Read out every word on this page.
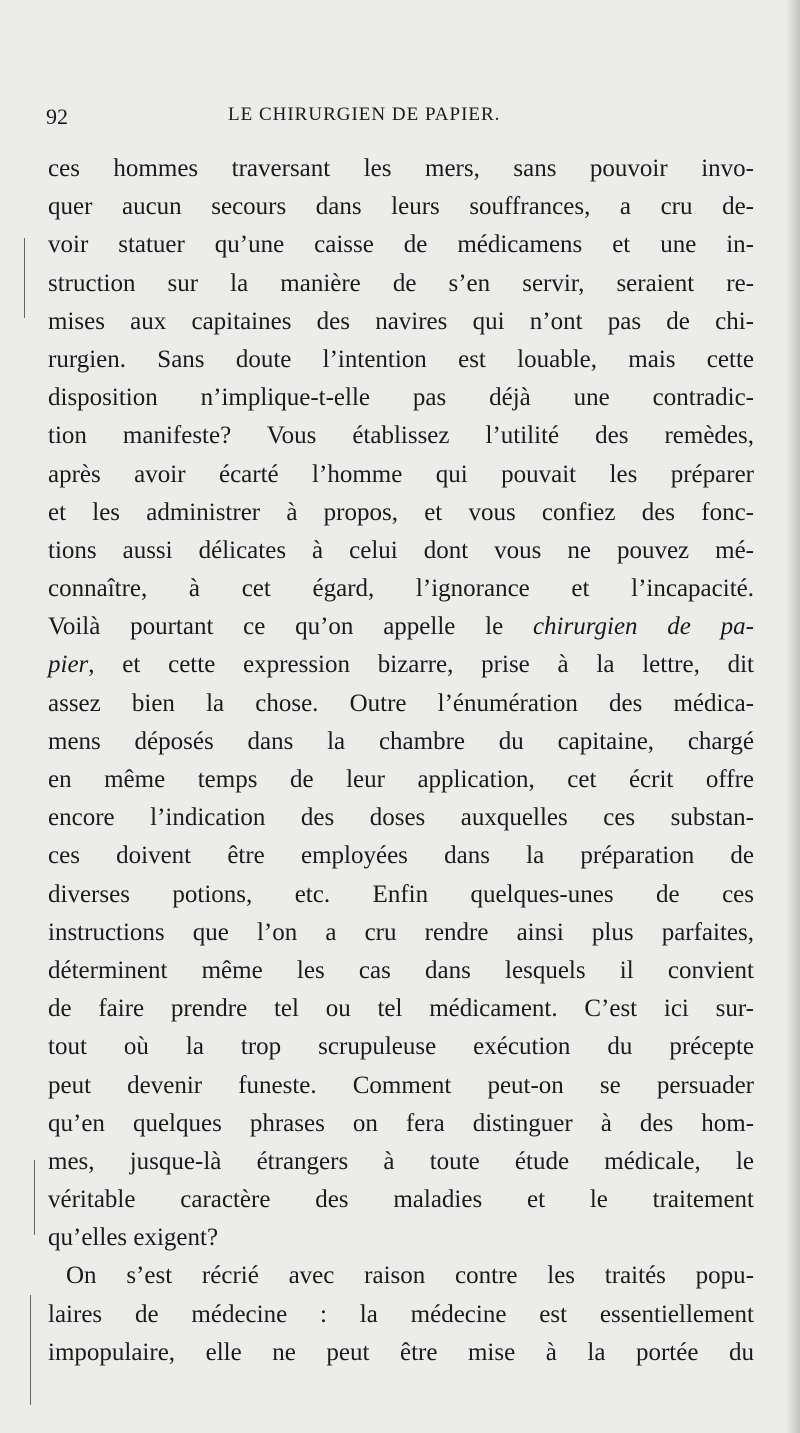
92	LE CHIRURGIEN DE PAPIER.
ces hommes traversant les mers, sans pouvoir invo-
quer aucun secours dans leurs souffrances, a cru de-
voir statuer qu’une caisse de médicamens et une in-
struction sur la manière de s’en servir, seraient re-
mises aux capitaines des navires qui n’ont pas de chi-
rurgien. Sans doute l’intention est louable, mais cette
disposition n’implique-t-elle pas déjà une contradic-
tion manifeste? Vous établissez l’utilité des remèdes,
après avoir écarté l’homme qui pouvait les préparer
et les administrer à propos, et vous confiez des fonc-
tions aussi délicates à celui dont vous ne pouvez mé-
connaître, à cet égard, l’ignorance et l’incapacité.
Voilà pourtant ce qu’on appelle le chirurgien de pa-
pier, et cette expression bizarre, prise à la lettre, dit
assez bien la chose. Outre l’énumération des médica-
mens déposés dans la chambre du capitaine, chargé
en même temps de leur application, cet écrit offre
encore l’indication des doses auxquelles ces substan-
ces doivent être employées dans la préparation de
diverses potions, etc. Enfin quelques-unes de ces
instructions que l’on a cru rendre ainsi plus parfaites,
déterminent même les cas dans lesquels il convient
de faire prendre tel ou tel médicament. C’est ici sur-
tout où la trop scrupuleuse exécution du précepte
peut devenir funeste. Comment peut-on se persuader
qu’en quelques phrases on fera distinguer à des hom-
mes, jusque-là étrangers à toute étude médicale, le
véritable caractère des maladies et le traitement
qu’elles exigent?
On s’est récrié avec raison contre les traités popu-
laires de médecine : la médecine est essentiellement
impopulaire, elle ne peut être mise à la portée du
